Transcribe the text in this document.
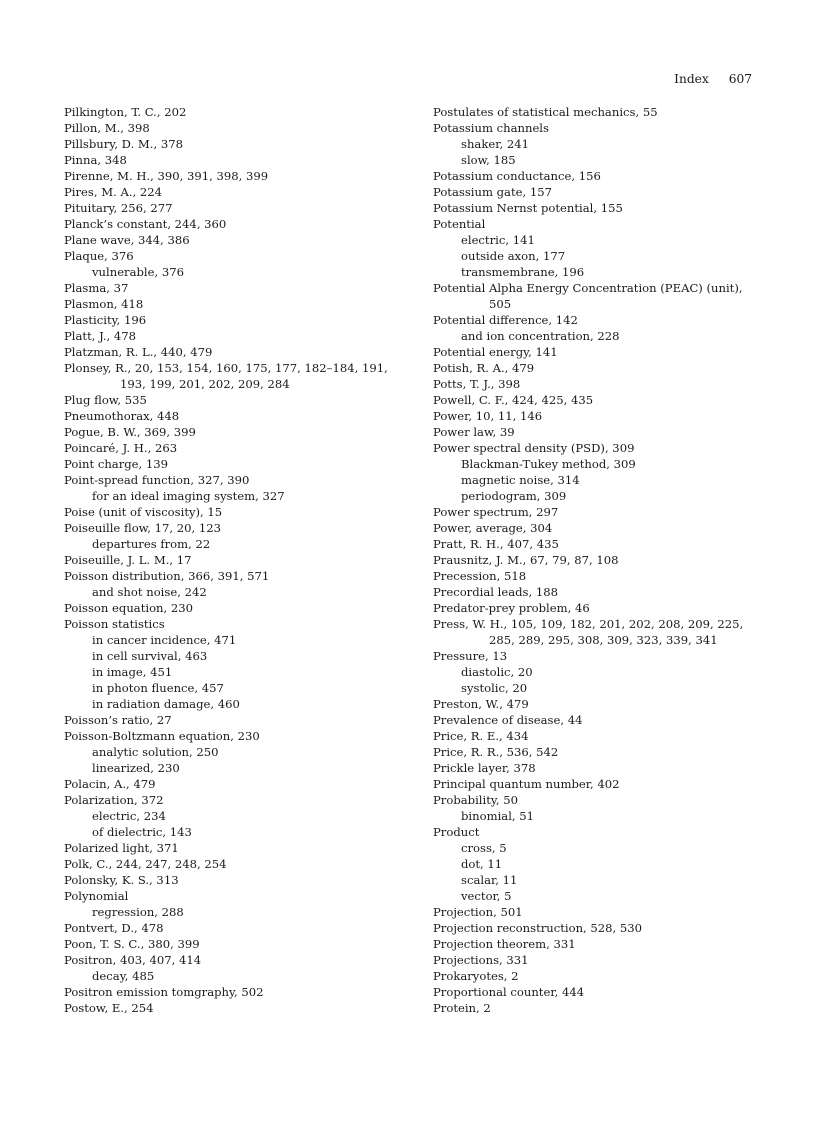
Index 607
Pilkington, T. C., 202
Pillon, M., 398
Pillsbury, D. M., 378
Pinna, 348
Pirenne, M. H., 390, 391, 398, 399
Pires, M. A., 224
Pituitary, 256, 277
Planck’s constant, 244, 360
Plane wave, 344, 386
Plaque, 376
vulnerable, 376
Plasma, 37
Plasmon, 418
Plasticity, 196
Platt, J., 478
Platzman, R. L., 440, 479
Plonsey, R., 20, 153, 154, 160, 175, 177, 182–184, 191,
193, 199, 201, 202, 209, 284
Plug flow, 535
Pneumothorax, 448
Pogue, B. W., 369, 399
Poincaré, J. H., 263
Point charge, 139
Point-spread function, 327, 390
for an ideal imaging system, 327
Poise (unit of viscosity), 15
Poiseuille flow, 17, 20, 123
departures from, 22
Poiseuille, J. L. M., 17
Poisson distribution, 366, 391, 571
and shot noise, 242
Poisson equation, 230
Poisson statistics
in cancer incidence, 471
in cell survival, 463
in image, 451
in photon fluence, 457
in radiation damage, 460
Poisson’s ratio, 27
Poisson-Boltzmann equation, 230
analytic solution, 250
linearized, 230
Polacin, A., 479
Polarization, 372
electric, 234
of dielectric, 143
Polarized light, 371
Polk, C., 244, 247, 248, 254
Polonsky, K. S., 313
Polynomial
regression, 288
Pontvert, D., 478
Poon, T. S. C., 380, 399
Positron, 403, 407, 414
decay, 485
Positron emission tomgraphy, 502
Postow, E., 254
Postulates of statistical mechanics, 55
Potassium channels
shaker, 241
slow, 185
Potassium conductance, 156
Potassium gate, 157
Potassium Nernst potential, 155
Potential
electric, 141
outside axon, 177
transmembrane, 196
Potential Alpha Energy Concentration (PEAC) (unit),
505
Potential difference, 142
and ion concentration, 228
Potential energy, 141
Potish, R. A., 479
Potts, T. J., 398
Powell, C. F., 424, 425, 435
Power, 10, 11, 146
Power law, 39
Power spectral density (PSD), 309
Blackman-Tukey method, 309
magnetic noise, 314
periodogram, 309
Power spectrum, 297
Power, average, 304
Pratt, R. H., 407, 435
Prausnitz, J. M., 67, 79, 87, 108
Precession, 518
Precordial leads, 188
Predator-prey problem, 46
Press, W. H., 105, 109, 182, 201, 202, 208, 209, 225,
285, 289, 295, 308, 309, 323, 339, 341
Pressure, 13
diastolic, 20
systolic, 20
Preston, W., 479
Prevalence of disease, 44
Price, R. E., 434
Price, R. R., 536, 542
Prickle layer, 378
Principal quantum number, 402
Probability, 50
binomial, 51
Product
cross, 5
dot, 11
scalar, 11
vector, 5
Projection, 501
Projection reconstruction, 528, 530
Projection theorem, 331
Projections, 331
Prokaryotes, 2
Proportional counter, 444
Protein, 2
